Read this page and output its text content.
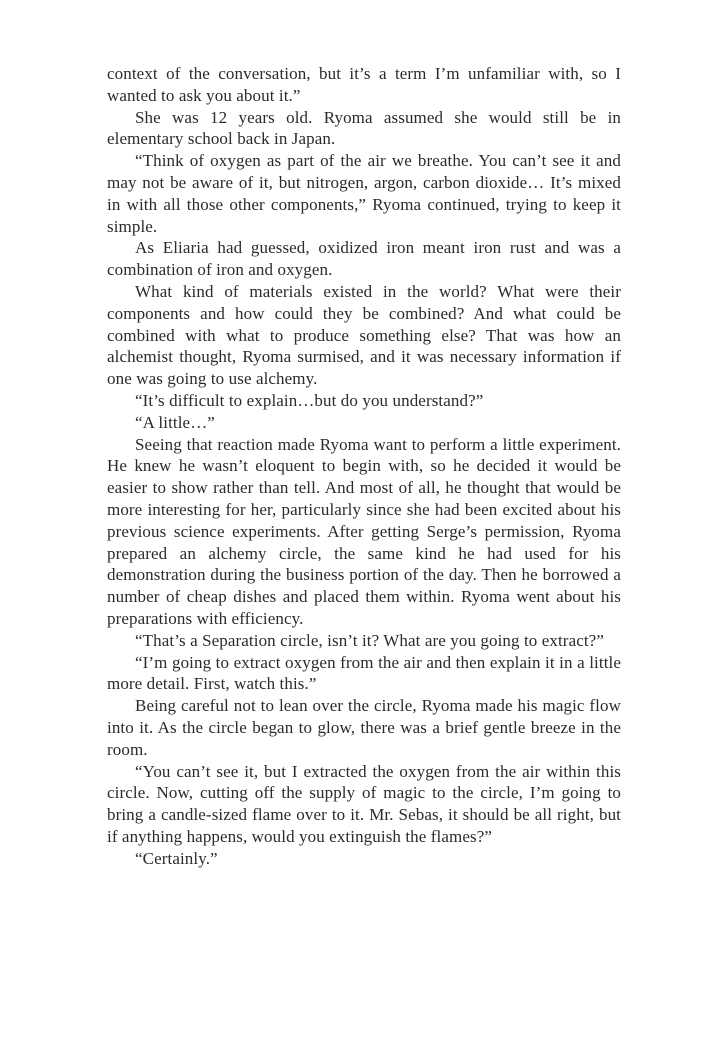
context of the conversation, but it’s a term I’m unfamiliar with, so I wanted to ask you about it.”

She was 12 years old. Ryoma assumed she would still be in elementary school back in Japan.

“Think of oxygen as part of the air we breathe. You can’t see it and may not be aware of it, but nitrogen, argon, carbon dioxide… It’s mixed in with all those other components,” Ryoma continued, trying to keep it simple.

As Eliaria had guessed, oxidized iron meant iron rust and was a combination of iron and oxygen.

What kind of materials existed in the world? What were their components and how could they be combined? And what could be combined with what to produce something else? That was how an alchemist thought, Ryoma surmised, and it was necessary information if one was going to use alchemy.

“It’s difficult to explain…but do you understand?”

“A little…”

Seeing that reaction made Ryoma want to perform a little experiment. He knew he wasn’t eloquent to begin with, so he decided it would be easier to show rather than tell. And most of all, he thought that would be more interesting for her, particularly since she had been excited about his previous science experiments. After getting Serge’s permission, Ryoma prepared an alchemy circle, the same kind he had used for his demonstration during the business portion of the day. Then he borrowed a number of cheap dishes and placed them within. Ryoma went about his preparations with efficiency.

“That’s a Separation circle, isn’t it? What are you going to extract?”

“I’m going to extract oxygen from the air and then explain it in a little more detail. First, watch this.”

Being careful not to lean over the circle, Ryoma made his magic flow into it. As the circle began to glow, there was a brief gentle breeze in the room.

“You can’t see it, but I extracted the oxygen from the air within this circle. Now, cutting off the supply of magic to the circle, I’m going to bring a candle-sized flame over to it. Mr. Sebas, it should be all right, but if anything happens, would you extinguish the flames?”

“Certainly.”
